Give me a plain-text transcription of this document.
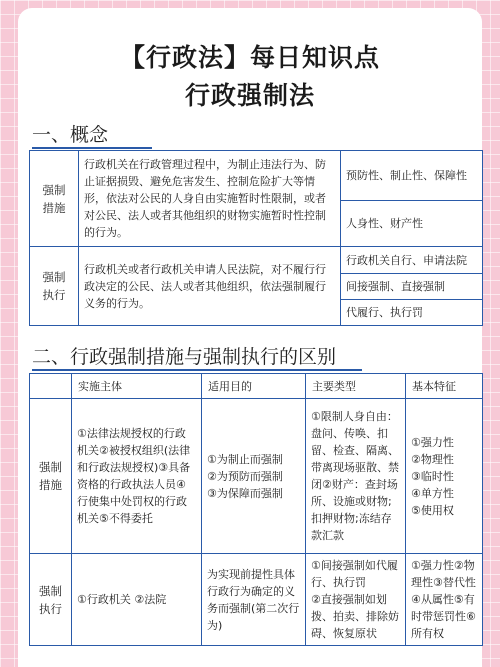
【行政法】每日知识点
行政强制法
一、概念
强制
措施	行政机关在行政管理过程中，为制止违法行为、防止证据损毁、避免危害发生、控制危险扩大等情形，依法对公民的人身自由实施暂时性限制，或者对公民、法人或者其他组织的财物实施暂时性控制的行为。	预防性、制止性、保障性
		人身性、财产性
强制
执行	行政机关或者行政机关申请人民法院，对不履行行政决定的公民、法人或者其他组织，依法强制履行义务的行为。	行政机关自行、申请法院
		间接强制、直接强制
		代履行、执行罚
二、行政强制措施与强制执行的区别
	实施主体	适用目的	主要类型	基本特征
强制
措施	①法律法规授权的行政机关②被授权组织(法律和行政法规授权)③具备资格的行政执法人员④行使集中处罚权的行政机关⑤不得委托	①为制止而强制
②为预防而强制
③为保障而强制	①限制人身自由：盘问、传唤、扣留、检查、隔离、带离现场驱散、禁闭②财产：查封场所、设施或财物;扣押财物;冻结存款汇款	①强力性
②物理性
③临时性
④单方性
⑤使用权
强制
执行	①行政机关 ②法院	为实现前提性具体行政行为确定的义务而强制(第二次行为)	①间接强制如代履行、执行罚
②直接强制如划拨、拍卖、排除妨碍、恢复原状	①强力性②物理性③替代性④从属性⑤有时带惩罚性⑥所有权
